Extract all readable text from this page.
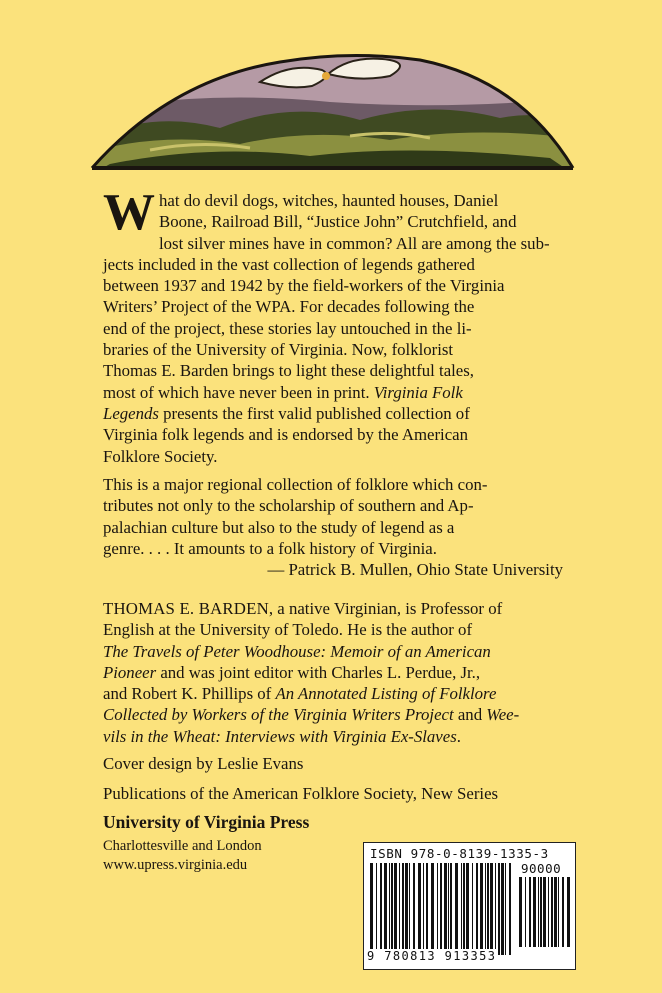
W hat do devil dogs, witches, haunted houses, Daniel
Boone, Railroad Bill, “Justice John” Crutchfield, and
lost silver mines have in common? All are among the sub-
jects included in the vast collection of legends gathered
between 1937 and 1942 by the field-workers of the Virginia
Writers’ Project of the WPA. For decades following the
end of the project, these stories lay untouched in the li-
braries of the University of Virginia. Now, folklorist
Thomas E. Barden brings to light these delightful tales,
most of which have never been in print. Virginia Folk
Legends presents the first valid published collection of
Virginia folk legends and is endorsed by the American
Folklore Society.
This is a major regional collection of folklore which con-
tributes not only to the scholarship of southern and Ap-
palachian culture but also to the study of legend as a
genre. . . . It amounts to a folk history of Virginia.
— Patrick B. Mullen, Ohio State University
THOMAS E. BARDEN, a native Virginian, is Professor of
English at the University of Toledo. He is the author of
The Travels of Peter Woodhouse: Memoir of an American
Pioneer and was joint editor with Charles L. Perdue, Jr.,
and Robert K. Phillips of An Annotated Listing of Folklore
Collected by Workers of the Virginia Writers Project and Wee-
vils in the Wheat: Interviews with Virginia Ex-Slaves.
Cover design by Leslie Evans
Publications of the American Folklore Society, New Series
University of Virginia Press
Charlottesville and London
www.upress.virginia.edu
ISBN 978-0-8139-1335-3
90000
9 780813 913353
